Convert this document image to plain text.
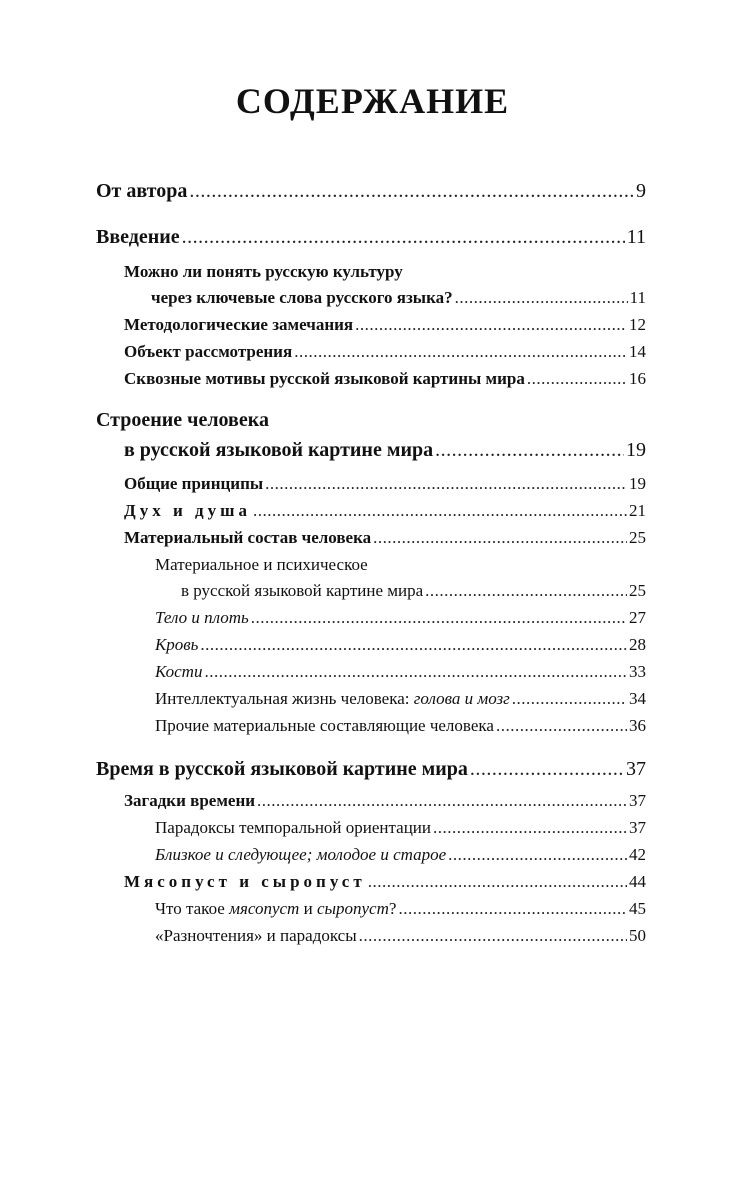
СОДЕРЖАНИЕ
От автора .....	9
Введение .....	11
Можно ли понять русскую культуру
через ключевые слова русского языка? .....	11
Методологические замечания .....	12
Объект рассмотрения .....	14
Сквозные мотивы русской языковой картины мира .....	16
Строение человека
в русской языковой картине мира .....	19
Общие принципы .....	19
Дух и душа .....	21
Материальный состав человека .....	25
Материальное и психическое
в русской языковой картине мира .....	25
Тело и плоть .....	27
Кровь .....	28
Кости .....	33
Интеллектуальная жизнь человека: голова и мозг .....	34
Прочие материальные составляющие человека .....	36
Время в русской языковой картине мира .....	37
Загадки времени .....	37
Парадоксы темпоральной ориентации .....	37
Близкое и следующее; молодое и старое .....	42
Мясопуст и сыропуст .....	44
Что такое мясопуст и сыропуст? .....	45
«Разночтения» и парадоксы .....	50
